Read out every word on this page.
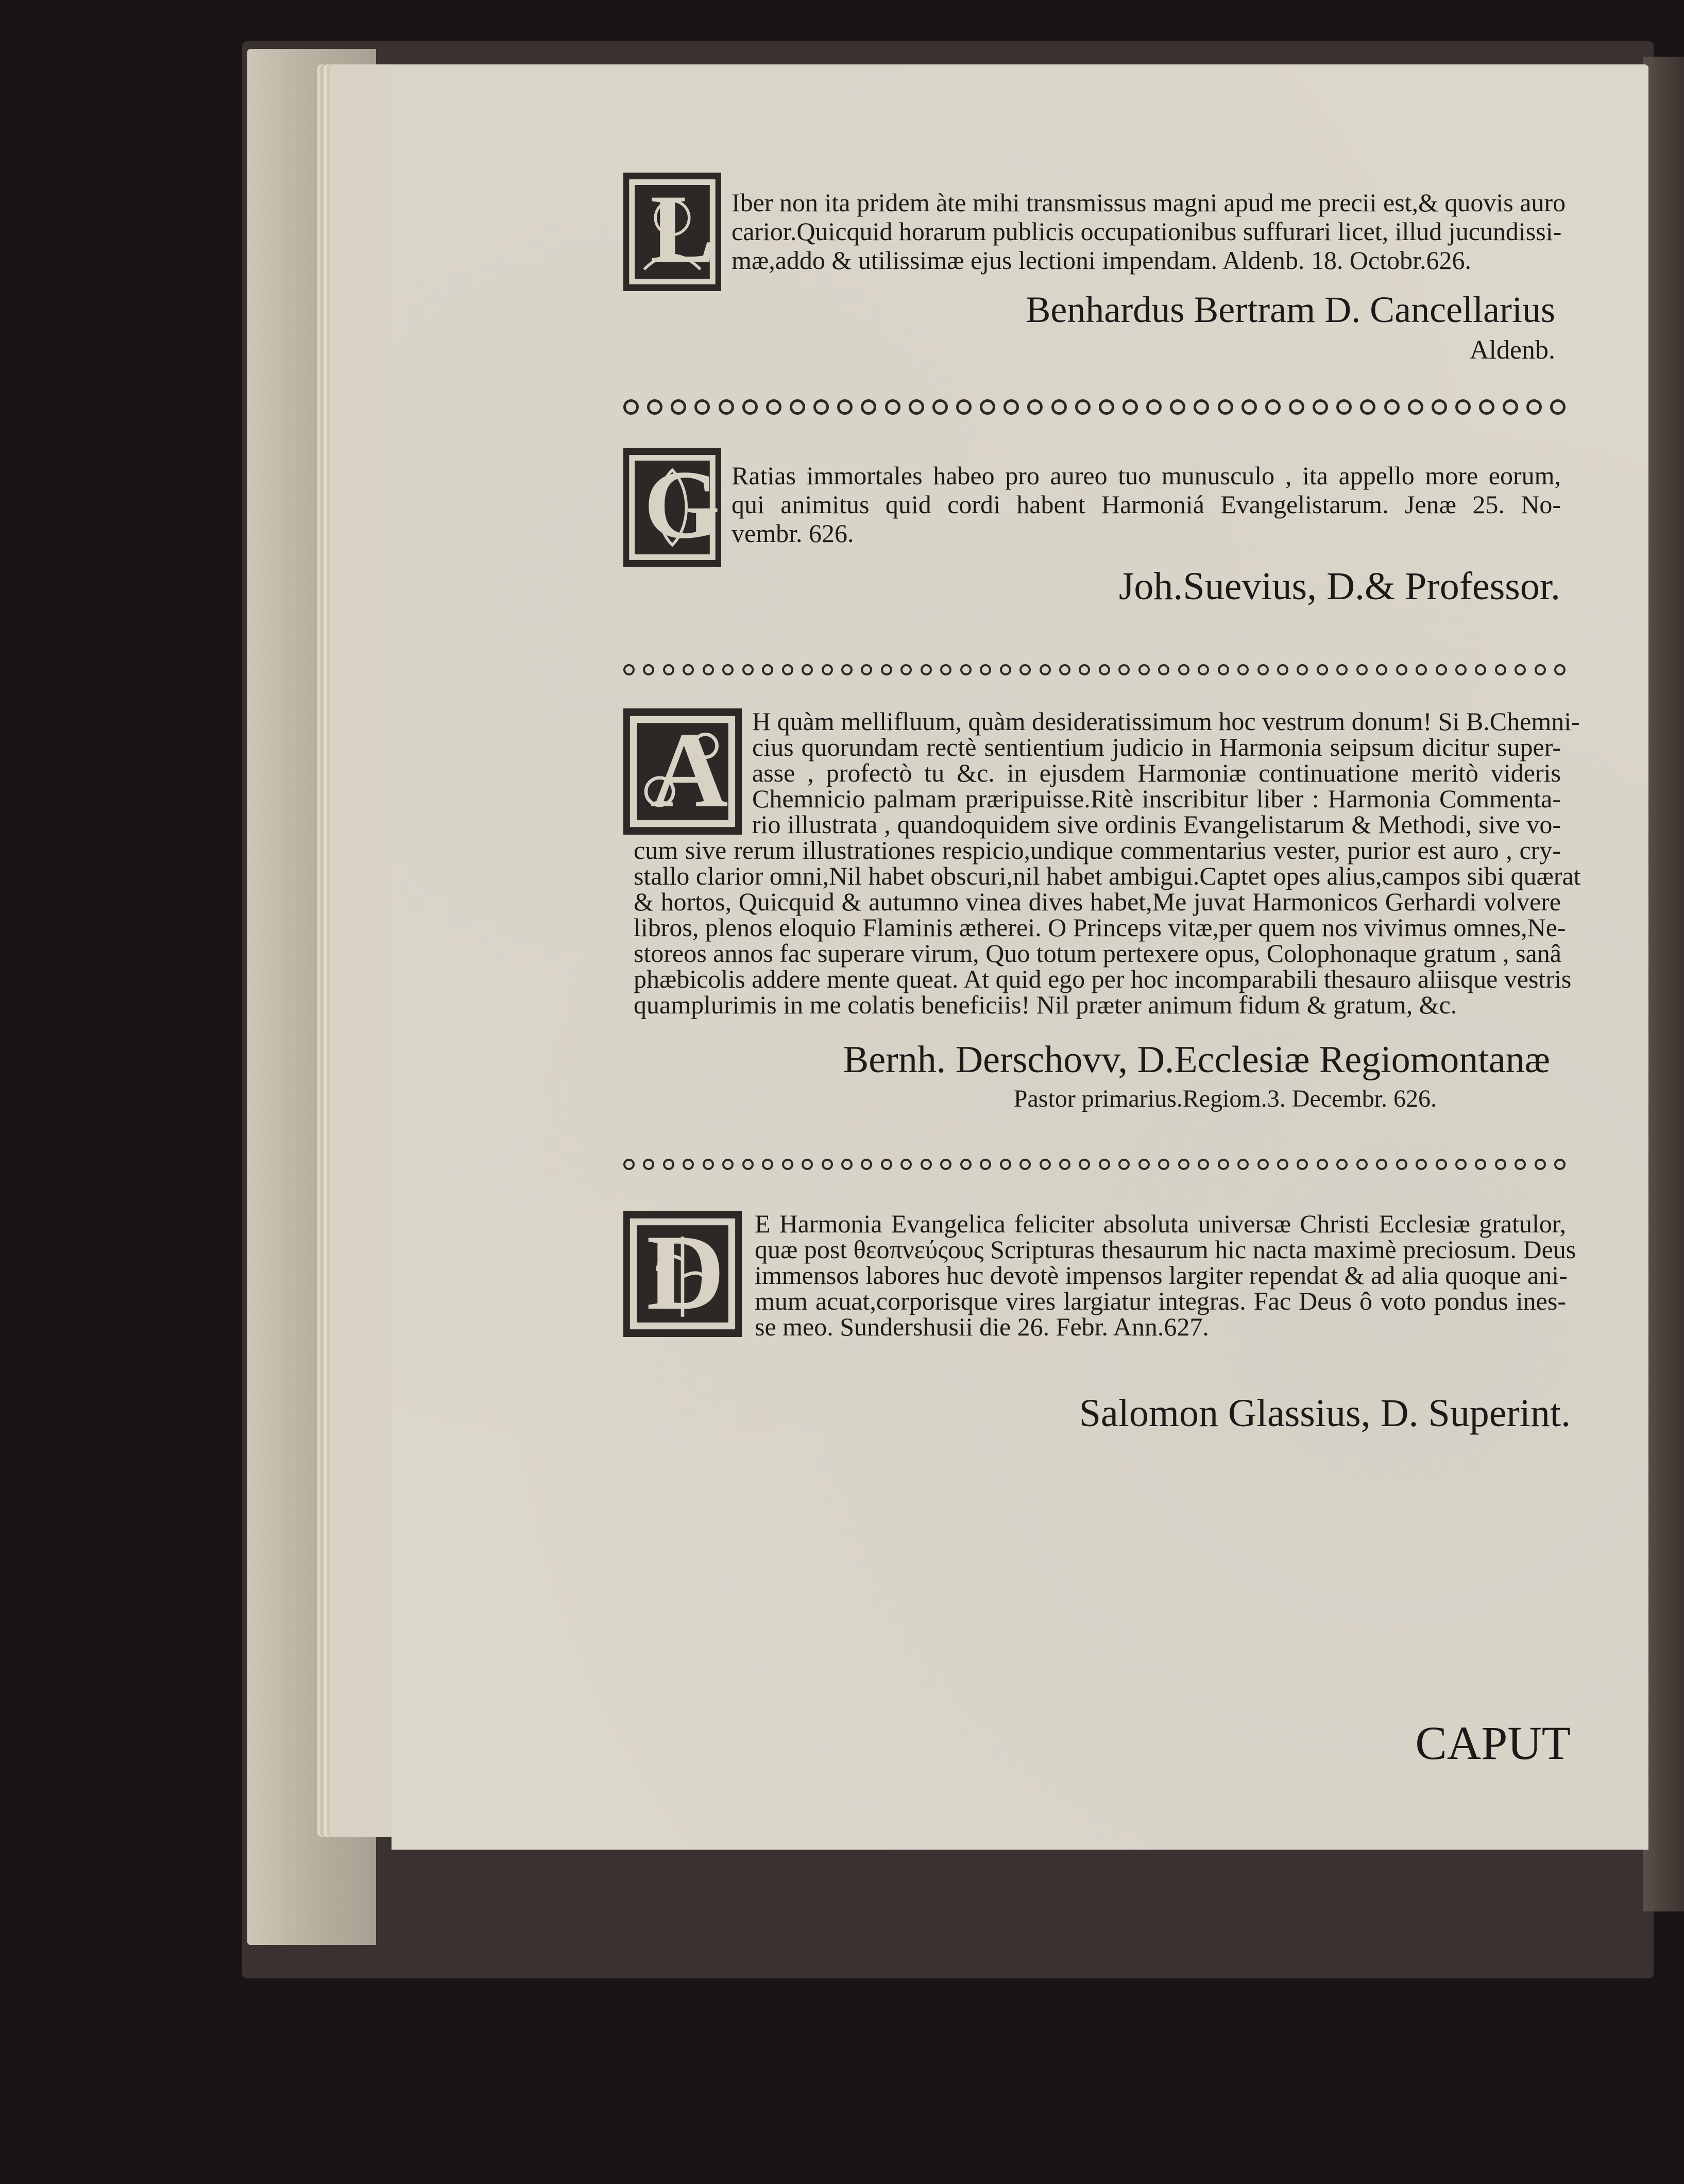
L Iber non ita pridem àte mihi transmissus magni apud me precii est,& quovis auro
carior.Quicquid horarum publicis occupationibus suffurari licet, illud jucundissi-
mæ,addo & utilissimæ ejus lectioni impendam. Aldenb. 18. Octobr.626.
Benhardus Bertram D. Cancellarius
Aldenb.
G Ratias immortales habeo pro aureo tuo munusculo , ita appello more eorum,
qui animitus quid cordi habent Harmoniá Evangelistarum. Jenæ 25. No-
vembr. 626.
Joh.Suevius, D.& Professor.
A H quàm mellifluum, quàm desideratissimum hoc vestrum donum! Si B.Chemni-
cius quorundam rectè sentientium judicio in Harmonia seipsum dicitur super-
asse , profectò tu &c. in ejusdem Harmoniæ continuatione meritò videris
Chemnicio palmam præripuisse.Ritè inscribitur liber : Harmonia Commenta-
rio illustrata , quandoquidem sive ordinis Evangelistarum & Methodi, sive vo-
cum sive rerum illustrationes respicio,undique commentarius vester, purior est auro , cry-
stallo clarior omni,Nil habet obscuri,nil habet ambigui.Captet opes alius,campos sibi quærat
& hortos, Quicquid & autumno vinea dives habet,Me juvat Harmonicos Gerhardi volvere
libros, plenos eloquio Flaminis ætherei. O Princeps vitæ,per quem nos vivimus omnes,Ne-
storeos annos fac superare virum, Quo totum pertexere opus, Colophonaque gratum , sanâ
phæbicolis addere mente queat. At quid ego per hoc incomparabili thesauro aliisque vestris
quamplurimis in me colatis beneficiis! Nil præter animum fidum & gratum, &c.
Bernh. Derschovv, D.Ecclesiæ Regiomontanæ
Pastor primarius.Regiom.3. Decembr. 626.
D E Harmonia Evangelica feliciter absoluta universæ Christi Ecclesiæ gratulor,
quæ post θεοπνεύςους Scripturas thesaurum hic nacta maximè preciosum. Deus
immensos labores huc devotè impensos largiter rependat & ad alia quoque ani-
mum acuat,corporisque vires largiatur integras. Fac Deus ô voto pondus ines-
se meo. Sundershusii die 26. Febr. Ann.627.
Salomon Glassius, D. Superint.
CAPUT
